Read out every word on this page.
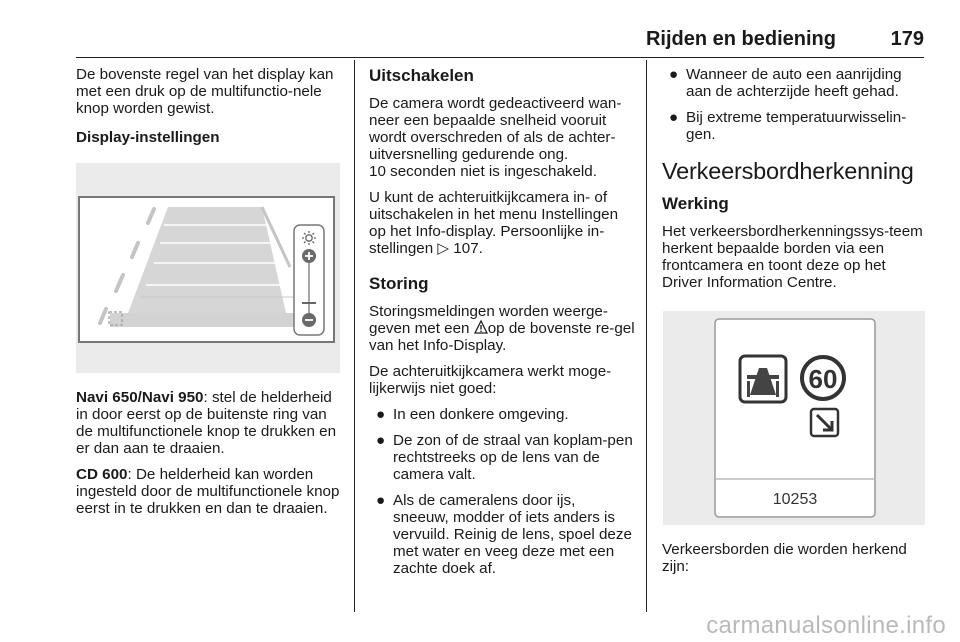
Rijden en bediening	179

De bovenste regel van het display kan met een druk op de multifunctio-nele knop worden gewist.

Display-instellingen

Navi 650/Navi 950: stel de helderheid in door eerst op de buitenste ring van de multifunctionele knop te drukken en er dan aan te draaien.

CD 600: De helderheid kan worden ingesteld door de multifunctionele knop eerst in te drukken en dan te draaien.

Uitschakelen

De camera wordt gedeactiveerd wan-neer een bepaalde snelheid vooruit wordt overschreden of als de achter-uitversnelling gedurende ong.

10 seconden niet is ingeschakeld.

U kunt de achteruitkijkcamera in- of uitschakelen in het menu Instellingen op het Info-display. Persoonlijke in-stellingen ▷ 107.

Storing

Storingsmeldingen worden weerge-geven met een op de bovenste re-gel van het Info-Display.

De achteruitkijkcamera werkt moge-lijkerwijs niet goed:

● In een donkere omgeving.
● De zon of de straal van koplam-pen rechtstreeks op de lens van de camera valt.
● Als de cameralens door ijs, sneeuw, modder of iets anders is vervuild. Reinig de lens, spoel deze met water en veeg deze met een zachte doek af.
● Wanneer de auto een aanrijding aan de achterzijde heeft gehad.
● Bij extreme temperatuurwisselin-gen.

Verkeersbordherkenning

Werking

Het verkeersbordherkenningssys-teem herkent bepaalde borden via een frontcamera en toont deze op het Driver Information Centre.

60
10253

Verkeersborden die worden herkend zijn:

carmanualsonline.info
